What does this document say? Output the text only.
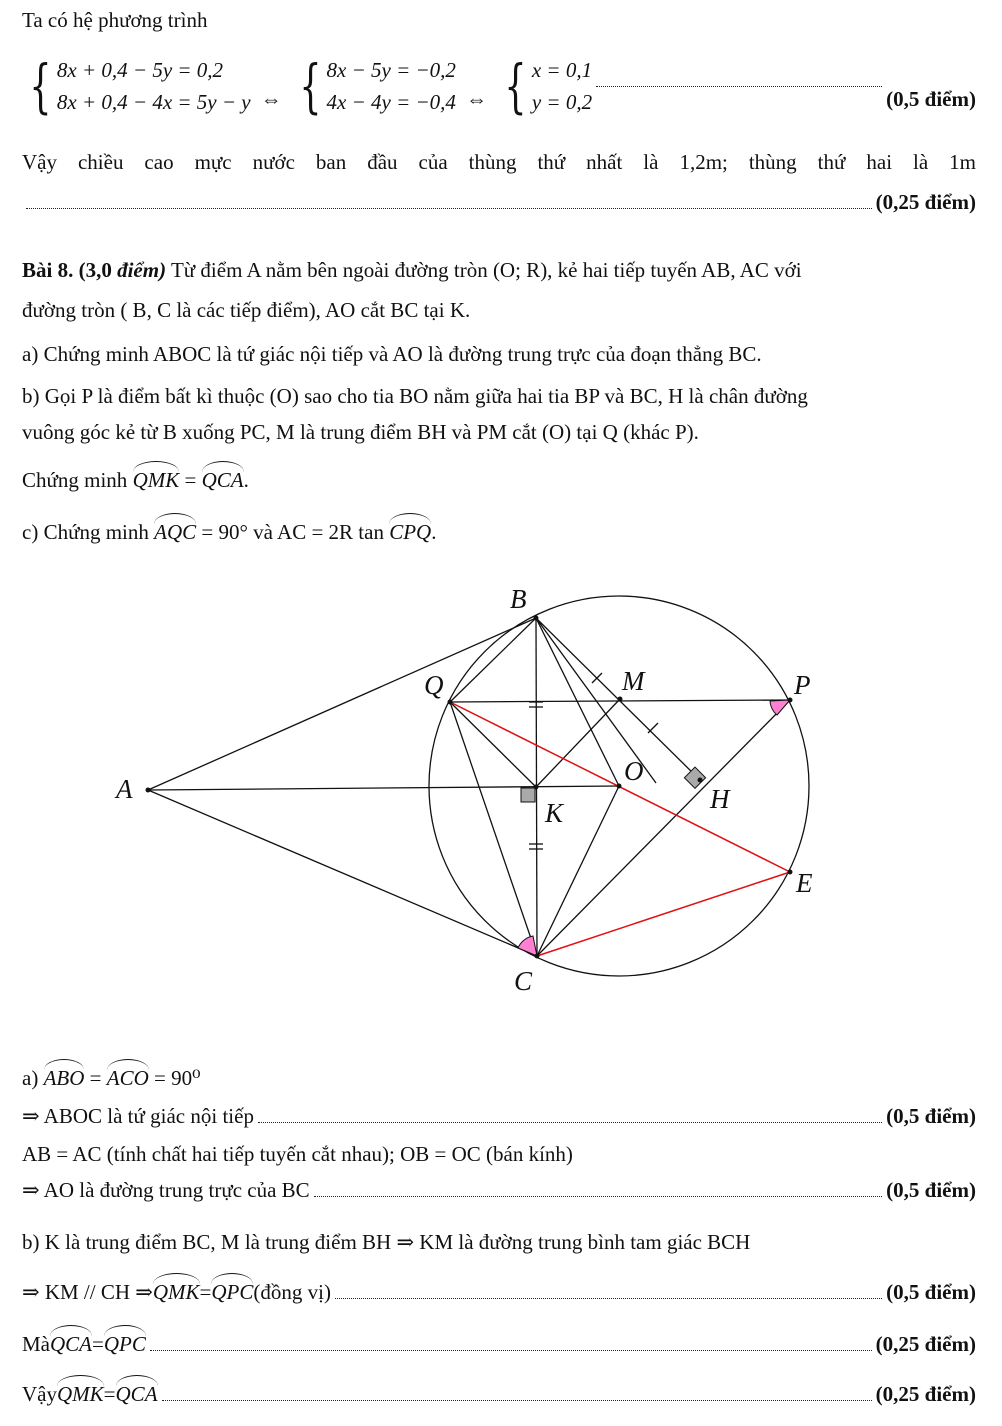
Ta có hệ phương trình
{ 8x + 0,4 − 5y = 0,2
8x + 0,4 − 4x = 5y − y ⇔ { 8x − 5y = −0,2
4x − 4y = −0,4 ⇔ { x = 0,1
y = 0,2	(0,5 điểm)
Vậy chiều cao mực nước ban đầu của thùng thứ nhất là 1,2m; thùng thứ hai là 1m
(0,25 điểm)
Bài 8. (3,0 điểm) Từ điểm A nằm bên ngoài đường tròn (O; R), kẻ hai tiếp tuyến AB, AC với
đường tròn ( B, C là các tiếp điểm), AO cắt BC tại K.
a) Chứng minh ABOC là tứ giác nội tiếp và AO là đường trung trực của đoạn thẳng BC.
b) Gọi P là điểm bất kì thuộc (O) sao cho tia BO nằm giữa hai tia BP và BC, H là chân đường
vuông góc kẻ từ B xuống PC, M là trung điểm BH và PM cắt (O) tại Q (khác P).
Chứng minh QMK = QCA.
c) Chứng minh AQC = 90° và AC = 2R tan CPQ.
A
B
C
Q	M	P
O
K	H
E
a) ABO = ACO = 90⁰
⇒ ABOC là tứ giác nội tiếp	(0,5 điểm)
AB = AC (tính chất hai tiếp tuyến cắt nhau); OB = OC (bán kính)
⇒ AO là đường trung trực của BC	(0,5 điểm)
b) K là trung điểm BC, M là trung điểm BH ⇒ KM là đường trung bình tam giác BCH
⇒ KM // CH ⇒ QMK = QPC (đồng vị)	(0,5 điểm)
Mà QCA = QPC	(0,25 điểm)
Vậy QMK = QCA	(0,25 điểm)
